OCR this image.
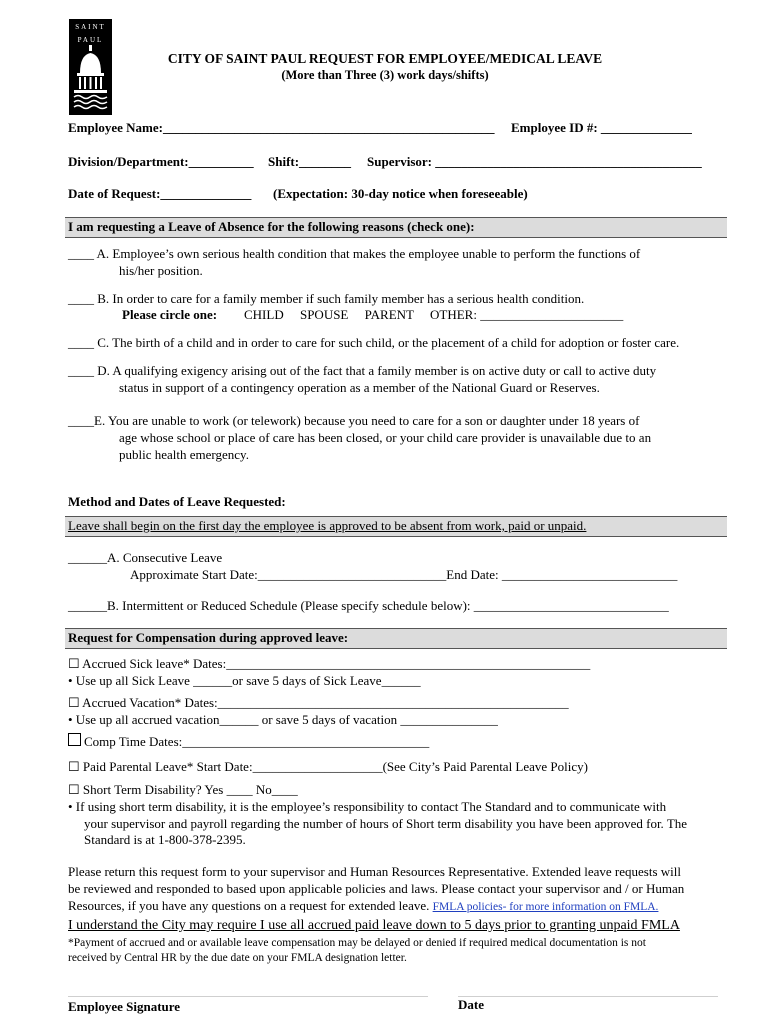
SAINT
PAUL
CITY OF SAINT PAUL REQUEST FOR EMPLOYEE/MEDICAL LEAVE
(More than Three (3) work days/shifts)
Employee Name:___________________________________________________ Employee ID #: ______________
Division/Department:__________ Shift:________ Supervisor: _________________________________________
Date of Request:______________ (Expectation: 30-day notice when foreseeable)
I am requesting a Leave of Absence for the following reasons (check one):
____ A. Employee’s own serious health condition that makes the employee unable to perform the functions of
his/her position.
____ B. In order to care for a family member if such family member has a serious health condition.
Please circle one: CHILD     SPOUSE     PARENT     OTHER: ______________________
____ C. The birth of a child and in order to care for such child, or the placement of a child for adoption or foster care.
____ D. A qualifying exigency arising out of the fact that a family member is on active duty or call to active duty
status in support of a contingency operation as a member of the National Guard or Reserves.
____E. You are unable to work (or telework) because you need to care for a son or daughter under 18 years of
age whose school or place of care has been closed, or your child care provider is unavailable due to an
public health emergency.
Method and Dates of Leave Requested:
Leave shall begin on the first day the employee is approved to be absent from work, paid or unpaid.
______A. Consecutive Leave
Approximate Start Date:_____________________________End Date: ___________________________
______B. Intermittent or Reduced Schedule (Please specify schedule below): ______________________________
Request for Compensation during approved leave:
☐ Accrued Sick leave* Dates:________________________________________________________
• Use up all Sick Leave ______or save 5 days of Sick Leave______
☐ Accrued Vacation* Dates:______________________________________________________
• Use up all accrued vacation______ or save 5 days of vacation _______________
Comp Time Dates:______________________________________
☐ Paid Parental Leave* Start Date:____________________(See City’s Paid Parental Leave Policy)
☐ Short Term Disability? Yes ____ No____
• If using short term disability, it is the employee’s responsibility to contact The Standard and to communicate with
your supervisor and payroll regarding the number of hours of Short term disability you have been approved for. The
Standard is at 1-800-378-2395.
Please return this request form to your supervisor and Human Resources Representative. Extended leave requests will
be reviewed and responded to based upon applicable policies and laws. Please contact your supervisor and / or Human
Resources, if you have any questions on a request for extended leave. FMLA policies- for more information on FMLA.
I understand the City may require I use all accrued paid leave down to 5 days prior to granting unpaid FMLA
*Payment of accrued and or available leave compensation may be delayed or denied if required medical documentation is not
received by Central HR by the due date on your FMLA designation letter.
Employee Signature	Date
